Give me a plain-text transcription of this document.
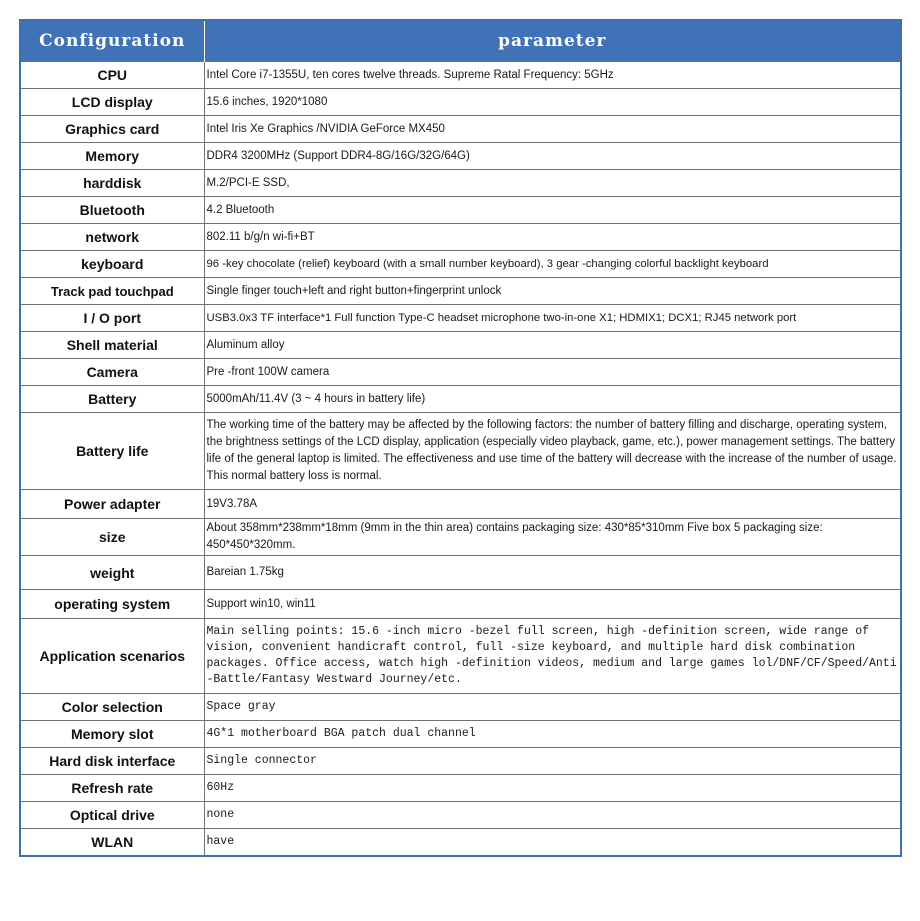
Configuration	parameter
CPU	Intel Core i7-1355U, ten cores twelve threads. Supreme Ratal Frequency: 5GHz
LCD display	15.6 inches, 1920*1080
Graphics card	Intel Iris Xe Graphics /NVIDIA GeForce MX450
Memory	DDR4 3200MHz (Support DDR4-8G/16G/32G/64G)
harddisk	M.2/PCI-E SSD,
Bluetooth	4.2 Bluetooth
network	802.11 b/g/n wi-fi+BT
keyboard	96 -key chocolate (relief) keyboard (with a small number keyboard), 3 gear -changing colorful backlight keyboard
Track pad touchpad	Single finger touch+left and right button+fingerprint unlock
I / O port	USB3.0x3 TF interface*1 Full function Type-C headset microphone two-in-one X1; HDMIX1; DCX1; RJ45 network port
Shell material	Aluminum alloy
Camera	Pre -front 100W camera
Battery	5000mAh/11.4V (3 ~ 4 hours in battery life)
Battery life	The working time of the battery may be affected by the following factors: the number of battery filling and discharge, operating system, the brightness settings of the LCD display, application (especially video playback, game, etc.), power management settings. The battery life of the general laptop is limited. The effectiveness and use time of the battery will decrease with the increase of the number of usage. This normal battery loss is normal.
Power adapter	19V3.78A
size	About 358mm*238mm*18mm (9mm in the thin area) contains packaging size: 430*85*310mm Five box 5 packaging size: 450*450*320mm.
weight	Bareian 1.75kg
operating system	Support win10, win11
Application scenarios	Main selling points: 15.6 -inch micro -bezel full screen, high -definition screen, wide range of vision, convenient handicraft control, full -size keyboard, and multiple hard disk combination packages. Office access, watch high -definition videos, medium and large games lol/DNF/CF/Speed/Anti -Battle/Fantasy Westward Journey/etc.
Color selection	Space gray
Memory slot	4G*1 motherboard BGA patch dual channel
Hard disk interface	Single connector
Refresh rate	60Hz
Optical drive	none
WLAN	have
